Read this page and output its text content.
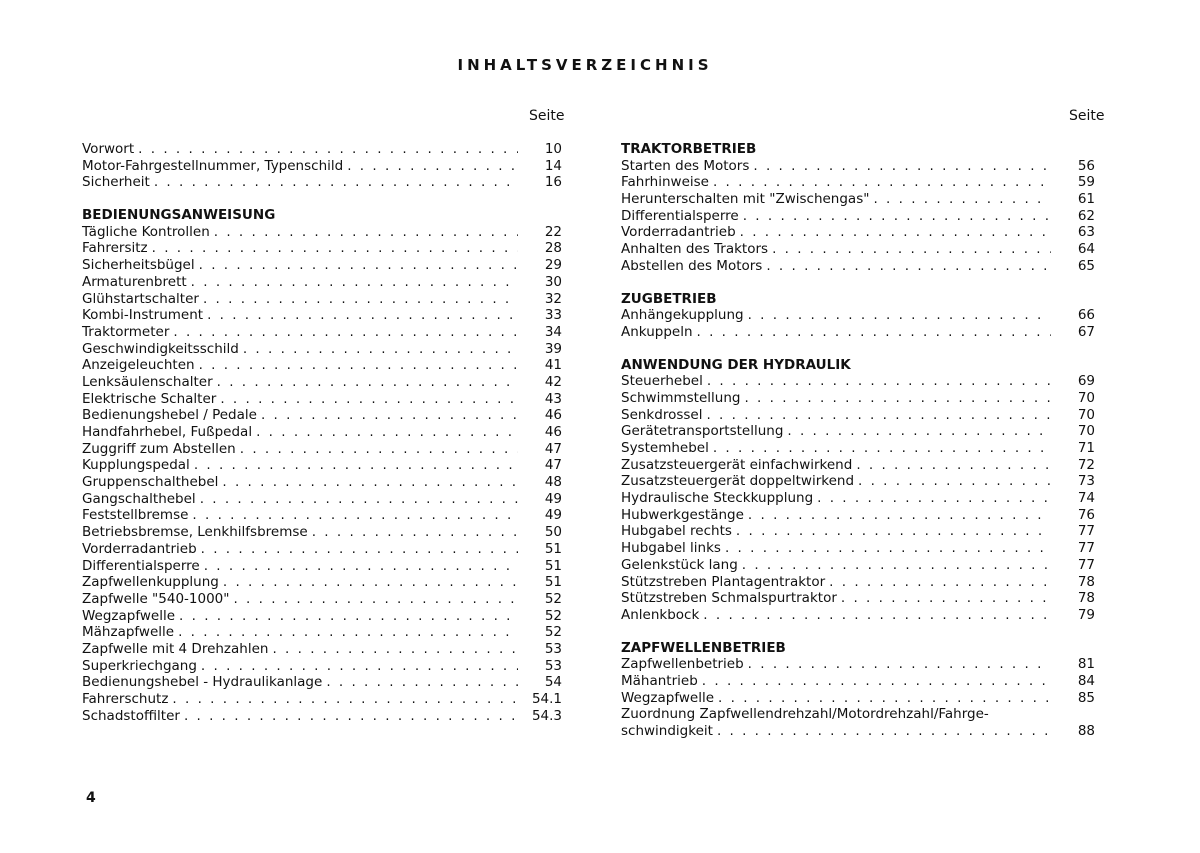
INHALTSVERZEICHNIS
Seite	Seite
Vorwort . . .	10
Motor-Fahrgestellnummer, Typenschild . . .	14
Sicherheit . . .	16
BEDIENUNGSANWEISUNG
Tägliche Kontrollen . . .	22
Fahrersitz . . .	28
Sicherheitsbügel . . .	29
Armaturenbrett . . .	30
Glühstartschalter . . .	32
Kombi-Instrument . . .	33
Traktormeter . . .	34
Geschwindigkeitsschild . . .	39
Anzeigeleuchten . . .	41
Lenksäulenschalter . . .	42
Elektrische Schalter . . .	43
Bedienungshebel / Pedale . . .	46
Handfahrhebel, Fußpedal . . .	46
Zuggriff zum Abstellen . . .	47
Kupplungspedal . . .	47
Gruppenschalthebel . . .	48
Gangschalthebel . . .	49
Feststellbremse . . .	49
Betriebsbremse, Lenkhilfsbremse . . .	50
Vorderradantrieb . . .	51
Differentialsperre . . .	51
Zapfwellenkupplung . . .	51
Zapfwelle "540-1000" . . .	52
Wegzapfwelle . . .	52
Mähzapfwelle . . .	52
Zapfwelle mit 4 Drehzahlen . . .	53
Superkriechgang . . .	53
Bedienungshebel - Hydraulikanlage . . .	54
Fahrerschutz . . .	54.1
Schadstoffilter . . .	54.3
TRAKTORBETRIEB
Starten des Motors . . .	56
Fahrhinweise . . .	59
Herunterschalten mit "Zwischengas" . . .	61
Differentialsperre . . .	62
Vorderradantrieb . . .	63
Anhalten des Traktors . . .	64
Abstellen des Motors . . .	65
ZUGBETRIEB
Anhängekupplung . . .	66
Ankuppeln . . .	67
ANWENDUNG DER HYDRAULIK
Steuerhebel . . .	69
Schwimmstellung . . .	70
Senkdrossel . . .	70
Gerätetransportstellung . . .	70
Systemhebel . . .	71
Zusatzsteuergerät einfachwirkend . . .	72
Zusatzsteuergerät doppeltwirkend . . .	73
Hydraulische Steckkupplung . . .	74
Hubwerkgestänge . . .	76
Hubgabel rechts . . .	77
Hubgabel links . . .	77
Gelenkstück lang . . .	77
Stützstreben Plantagentraktor . . .	78
Stützstreben Schmalspurtraktor . . .	78
Anlenkbock . . .	79
ZAPFWELLENBETRIEB
Zapfwellenbetrieb . . .	81
Mähantrieb . . .	84
Wegzapfwelle . . .	85
Zuordnung Zapfwellendrehzahl/Motordrehzahl/Fahrge-
schwindigkeit . . .	88
4
